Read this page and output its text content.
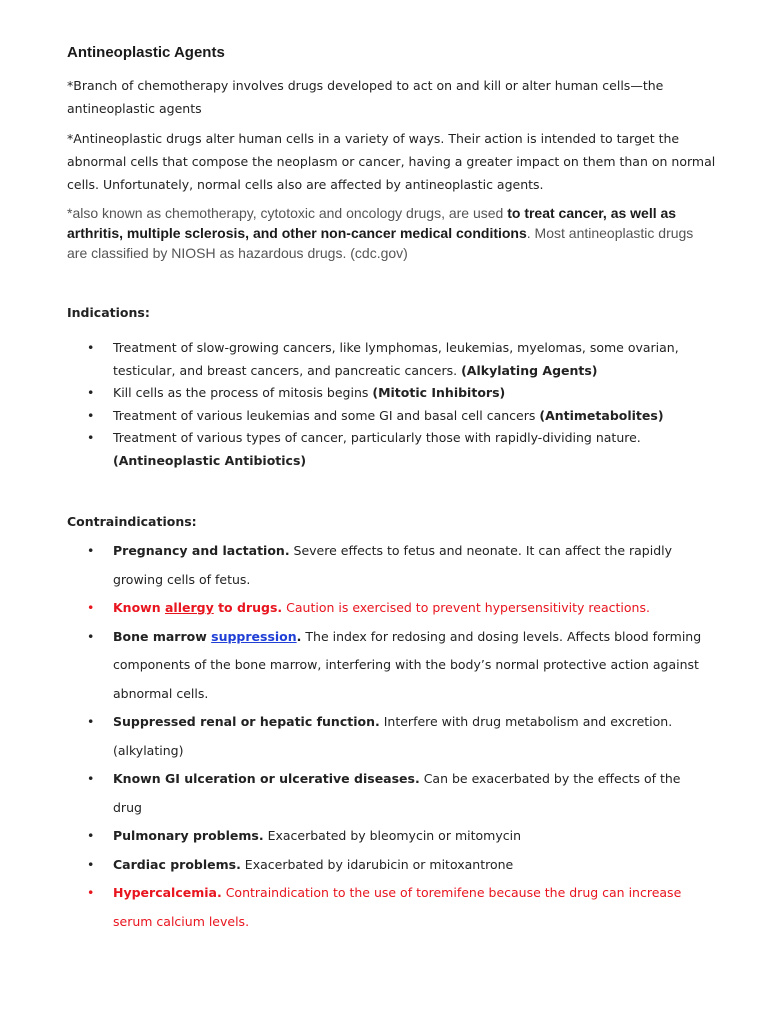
Antineoplastic Agents

*Branch of chemotherapy involves drugs developed to act on and kill or alter human cells—the antineoplastic agents

*Antineoplastic drugs alter human cells in a variety of ways. Their action is intended to target the abnormal cells that compose the neoplasm or cancer, having a greater impact on them than on normal cells. Unfortunately, normal cells also are affected by antineoplastic agents.

*also known as chemotherapy, cytotoxic and oncology drugs, are used to treat cancer, as well as arthritis, multiple sclerosis, and other non-cancer medical conditions. Most antineoplastic drugs are classified by NIOSH as hazardous drugs. (cdc.gov)

Indications:
• Treatment of slow-growing cancers, like lymphomas, leukemias, myelomas, some ovarian, testicular, and breast cancers, and pancreatic cancers. (Alkylating Agents)
• Kill cells as the process of mitosis begins (Mitotic Inhibitors)
• Treatment of various leukemias and some GI and basal cell cancers (Antimetabolites)
• Treatment of various types of cancer, particularly those with rapidly-dividing nature. (Antineoplastic Antibiotics)
Contraindications:
• Pregnancy and lactation. Severe effects to fetus and neonate. It can affect the rapidly growing cells of fetus.
• Known allergy to drugs. Caution is exercised to prevent hypersensitivity reactions.
• Bone marrow suppression. The index for redosing and dosing levels. Affects blood forming components of the bone marrow, interfering with the body’s normal protective action against abnormal cells.
• Suppressed renal or hepatic function. Interfere with drug metabolism and excretion. (alkylating)
• Known GI ulceration or ulcerative diseases. Can be exacerbated by the effects of the drug
• Pulmonary problems. Exacerbated by bleomycin or mitomycin
• Cardiac problems. Exacerbated by idarubicin or mitoxantrone
• Hypercalcemia. Contraindication to the use of toremifene because the drug can increase serum calcium levels.
